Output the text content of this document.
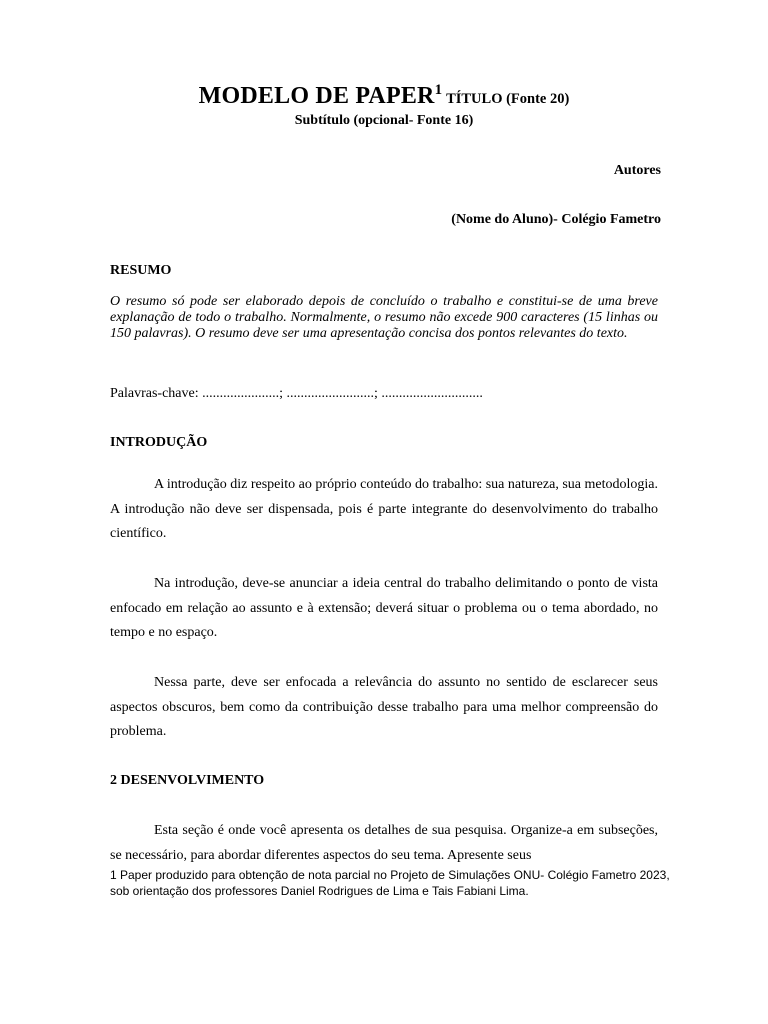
MODELO DE PAPER1 TÍTULO (Fonte 20)
Subtítulo (opcional- Fonte 16)
Autores
(Nome do Aluno)- Colégio Fametro
RESUMO
O resumo só pode ser elaborado depois de concluído o trabalho e constitui-se de uma breve explanação de todo o trabalho. Normalmente, o resumo não excede 900 caracteres (15 linhas ou 150 palavras). O resumo deve ser uma apresentação concisa dos pontos relevantes do texto.
Palavras-chave: ......................; .........................; .............................
INTRODUÇÃO
A introdução diz respeito ao próprio conteúdo do trabalho: sua natureza, sua metodologia. A introdução não deve ser dispensada, pois é parte integrante do desenvolvimento do trabalho científico.
Na introdução, deve-se anunciar a ideia central do trabalho delimitando o ponto de vista enfocado em relação ao assunto e à extensão; deverá situar o problema ou o tema abordado, no tempo e no espaço.
Nessa parte, deve ser enfocada a relevância do assunto no sentido de esclarecer seus aspectos obscuros, bem como da contribuição desse trabalho para uma melhor compreensão do problema.
2 DESENVOLVIMENTO
Esta seção é onde você apresenta os detalhes de sua pesquisa. Organize-a em subseções, se necessário, para abordar diferentes aspectos do seu tema. Apresente seus
1 Paper produzido para obtenção de nota parcial no Projeto de Simulações ONU- Colégio Fametro 2023, sob orientação dos professores Daniel Rodrigues de Lima e Tais Fabiani Lima.
